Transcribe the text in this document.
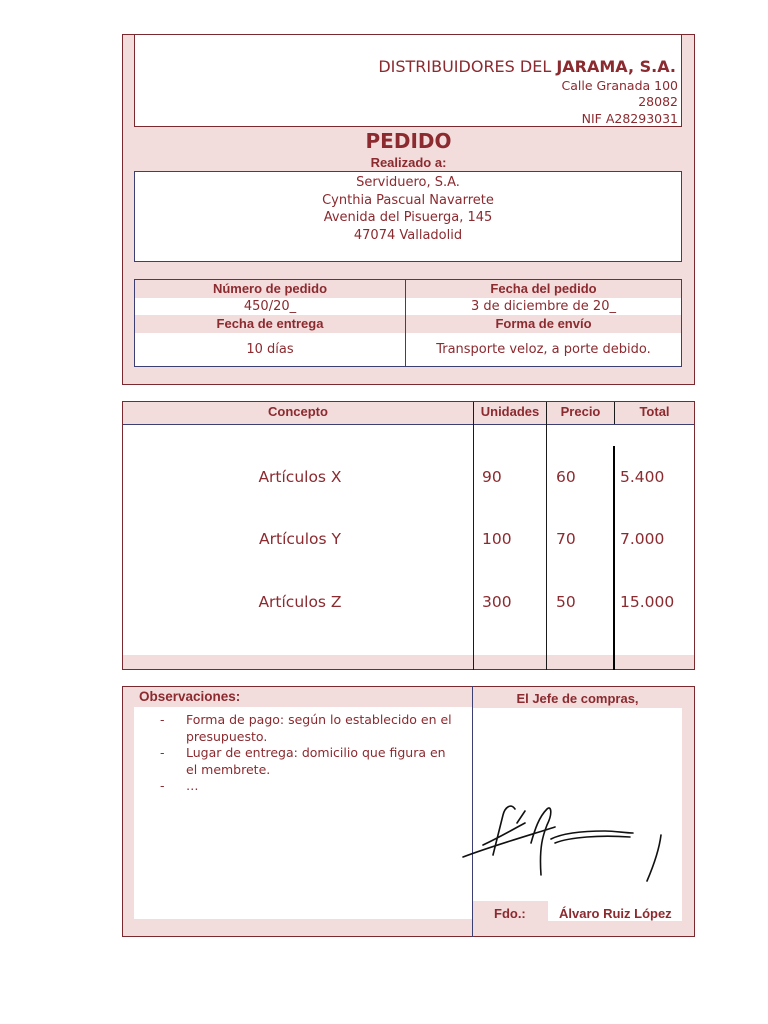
DISTRIBUIDORES DEL JARAMA, S.A.
Calle Granada 100
28082
NIF A28293031
PEDIDO
Realizado a:
Serviduero, S.A.
Cynthia Pascual Navarrete
Avenida del Pisuerga, 145
47074 Valladolid
Número de pedido	Fecha del pedido
450/20_	3 de diciembre de 20_
Fecha de entrega	Forma de envío
10 días	Transporte veloz, a porte debido.
Concepto	Unidades	Precio	Total
Artículos X	90	60	5.400
Artículos Y	100	70	7.000
Artículos Z	300	50	15.000
Observaciones:
- Forma de pago: según lo establecido en el presupuesto.
- Lugar de entrega: domicilio que figura en el membrete.
- …
El Jefe de compras,
Fdo.:	Álvaro Ruiz López
